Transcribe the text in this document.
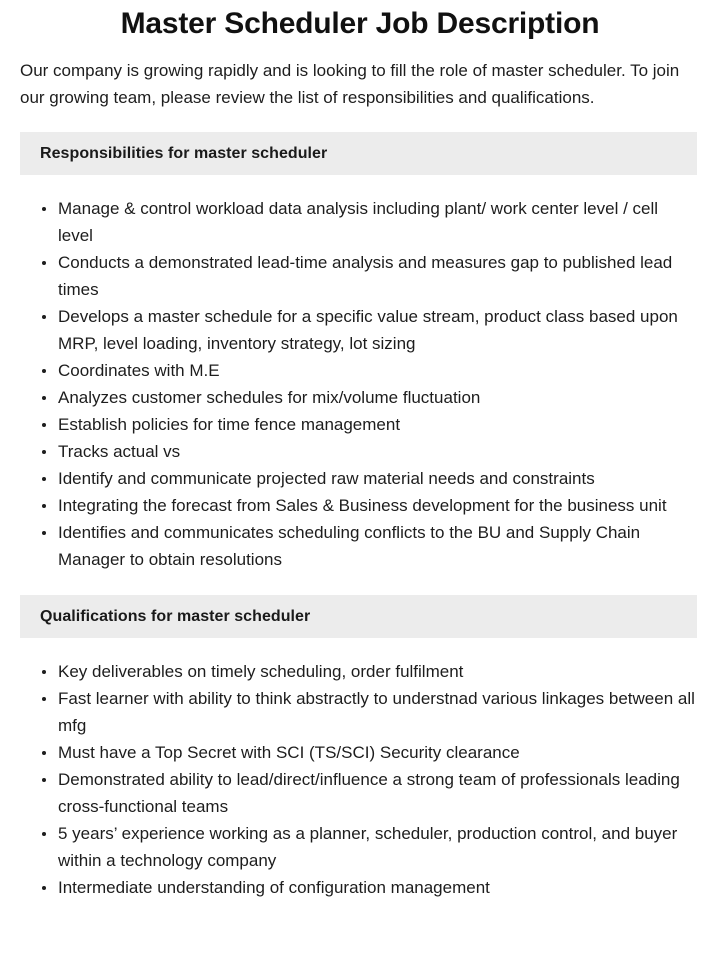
Master Scheduler Job Description

Our company is growing rapidly and is looking to fill the role of master scheduler. To join our growing team, please review the list of responsibilities and qualifications.

Responsibilities for master scheduler
Manage & control workload data analysis including plant/ work center level / cell level
Conducts a demonstrated lead-time analysis and measures gap to published lead times
Develops a master schedule for a specific value stream, product class based upon MRP, level loading, inventory strategy, lot sizing
Coordinates with M.E
Analyzes customer schedules for mix/volume fluctuation
Establish policies for time fence management
Tracks actual vs
Identify and communicate projected raw material needs and constraints
Integrating the forecast from Sales & Business development for the business unit
Identifies and communicates scheduling conflicts to the BU and Supply Chain Manager to obtain resolutions
Qualifications for master scheduler
Key deliverables on timely scheduling, order fulfilment
Fast learner with ability to think abstractly to understnad various linkages between all mfg
Must have a Top Secret with SCI (TS/SCI) Security clearance
Demonstrated ability to lead/direct/influence a strong team of professionals leading cross-functional teams
5 years’ experience working as a planner, scheduler, production control, and buyer within a technology company
Intermediate understanding of configuration management
